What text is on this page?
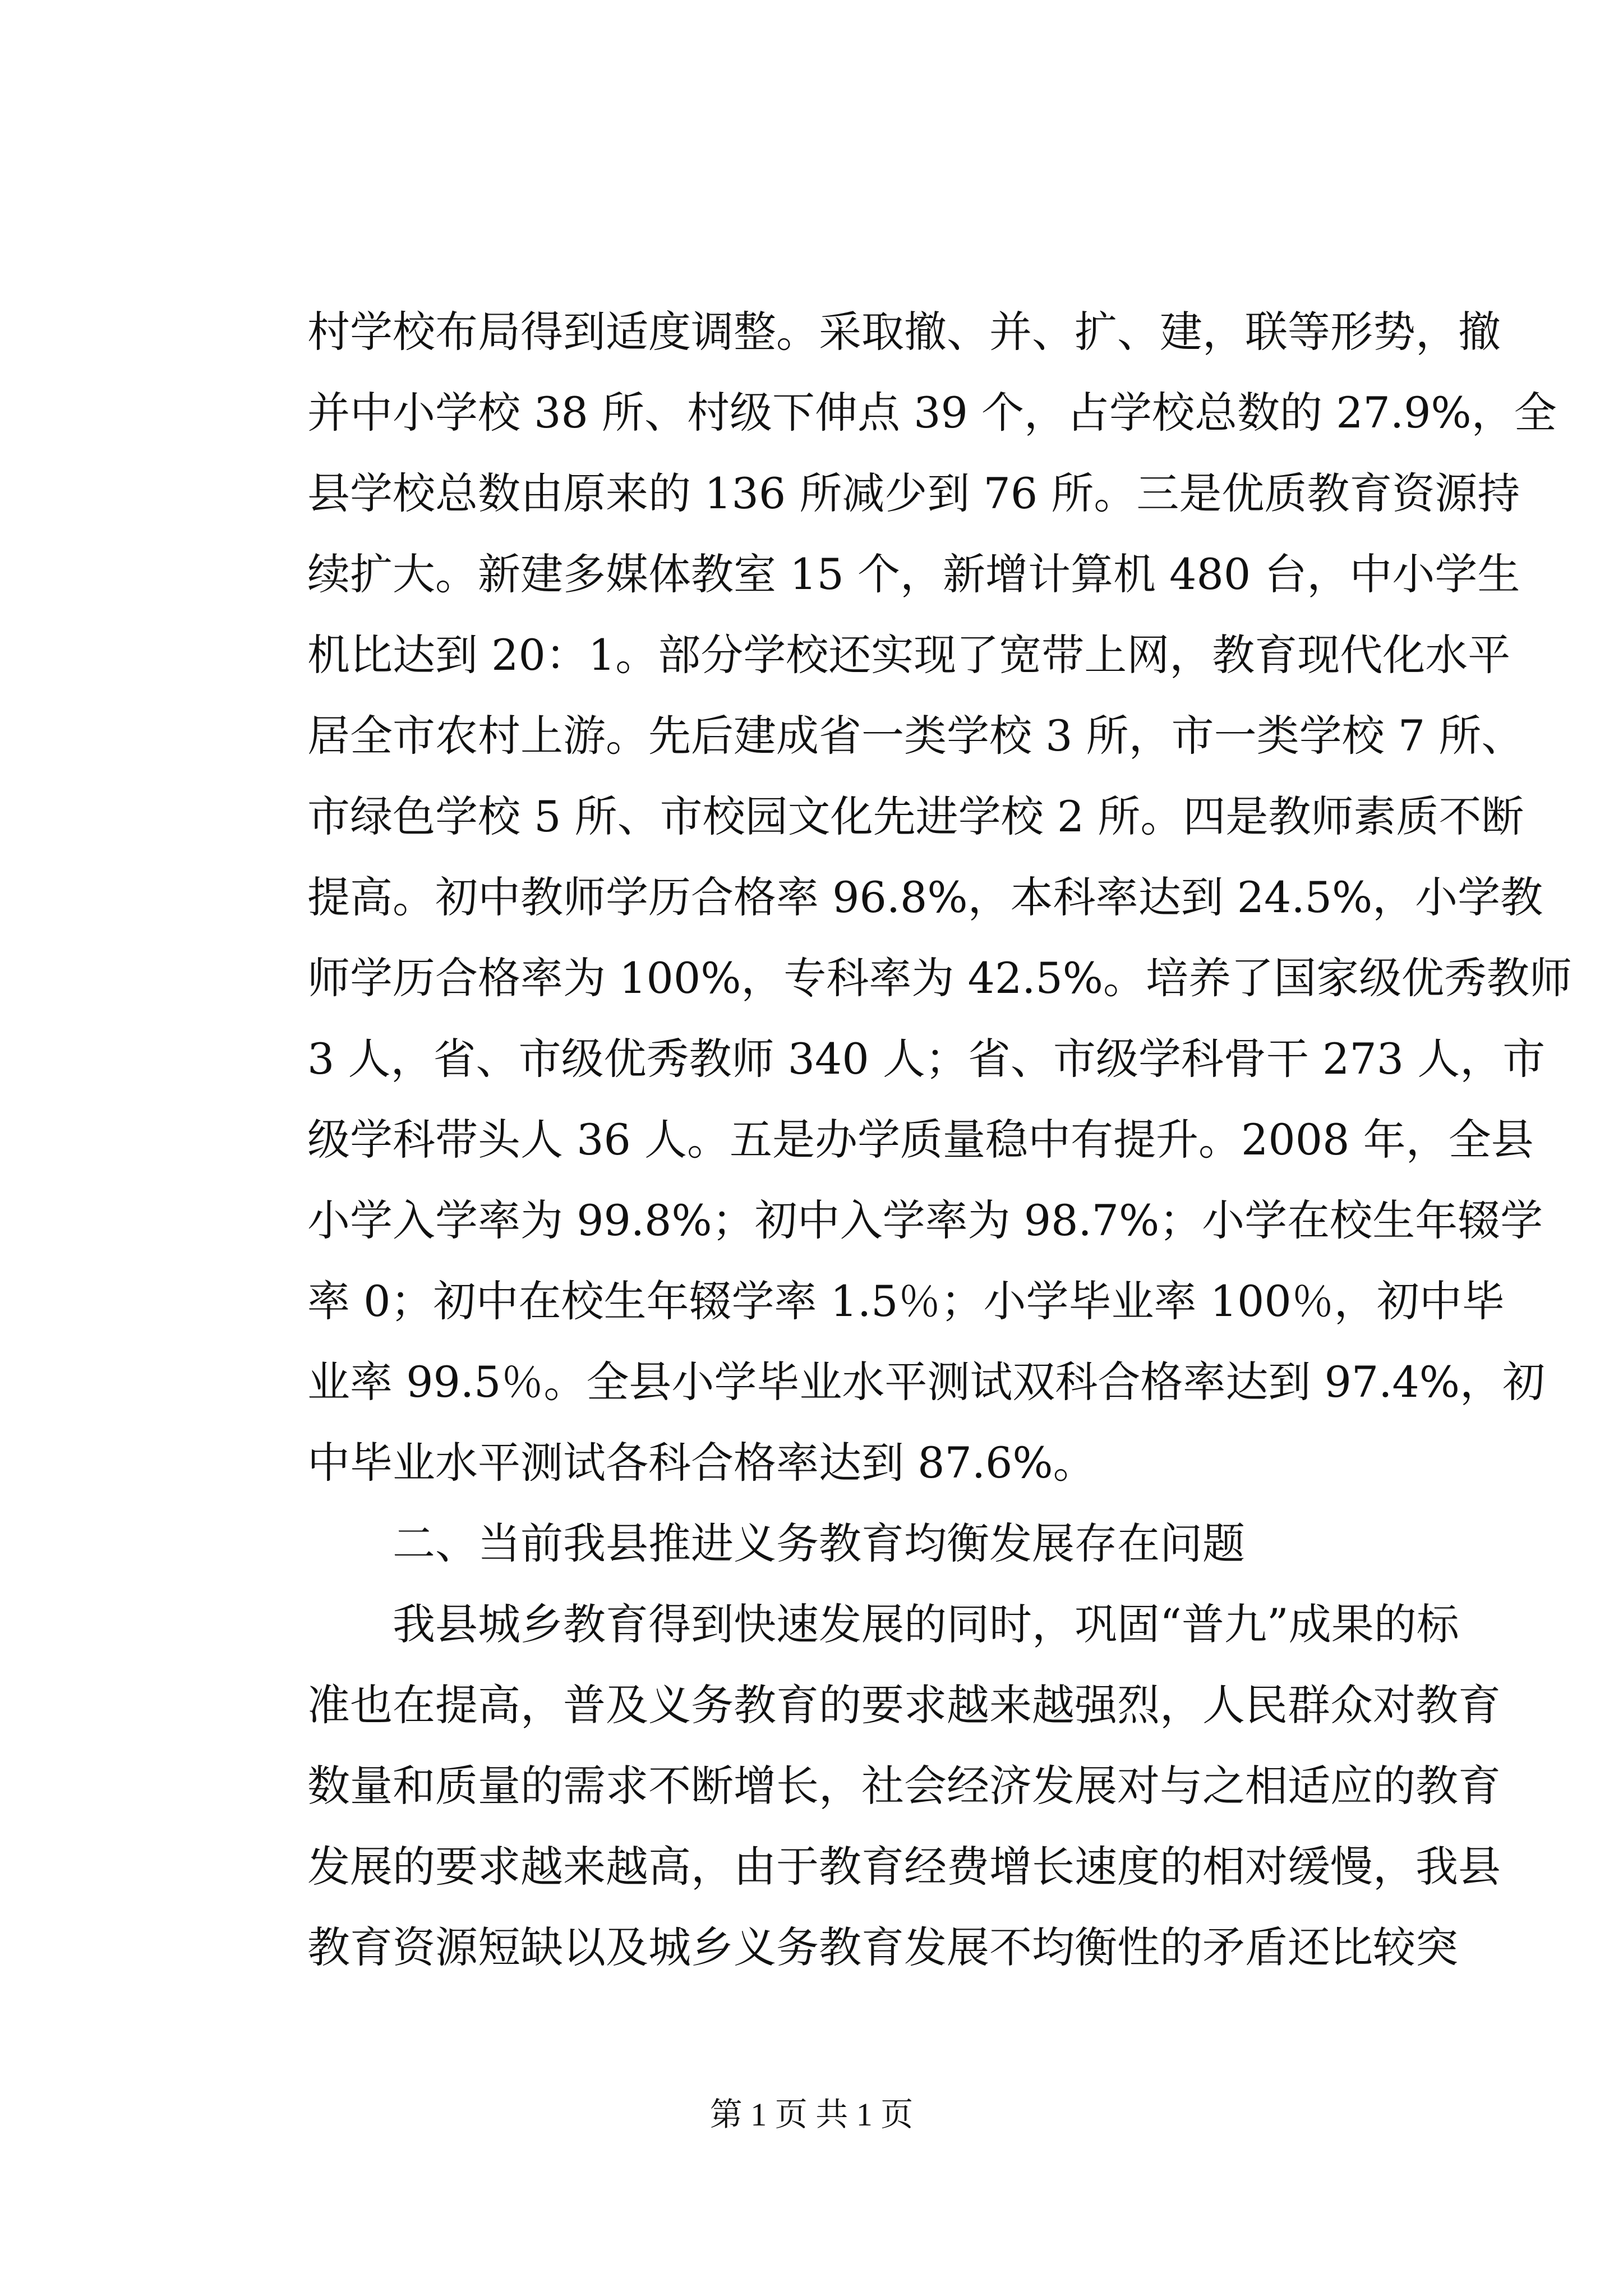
村学校布局得到适度调整。采取撤、并、扩、建，联等形势，撤
并中小学校 38 所、村级下伸点 39 个，占学校总数的 27.9%，全
县学校总数由原来的 136 所减少到 76 所。三是优质教育资源持
续扩大。新建多媒体教室 15 个，新增计算机 480 台，中小学生
机比达到 20：1。部分学校还实现了宽带上网，教育现代化水平
居全市农村上游。先后建成省一类学校 3 所，市一类学校 7 所、
市绿色学校 5 所、市校园文化先进学校 2 所。四是教师素质不断
提高。初中教师学历合格率 96.8%，本科率达到 24.5%，小学教
师学历合格率为 100%，专科率为 42.5%。培养了国家级优秀教师
3 人，省、市级优秀教师 340 人；省、市级学科骨干 273 人，市
级学科带头人 36 人。五是办学质量稳中有提升。2008 年，全县
小学入学率为 99.8%；初中入学率为 98.7%；小学在校生年辍学
率 0；初中在校生年辍学率 1.5％；小学毕业率 100％，初中毕
业率 99.5％。全县小学毕业水平测试双科合格率达到 97.4%，初
中毕业水平测试各科合格率达到 87.6%。
二、当前我县推进义务教育均衡发展存在问题
我县城乡教育得到快速发展的同时，巩固“普九”成果的标
准也在提高，普及义务教育的要求越来越强烈，人民群众对教育
数量和质量的需求不断增长，社会经济发展对与之相适应的教育
发展的要求越来越高，由于教育经费增长速度的相对缓慢，我县
教育资源短缺以及城乡义务教育发展不均衡性的矛盾还比较突
第 1 页 共 1 页
